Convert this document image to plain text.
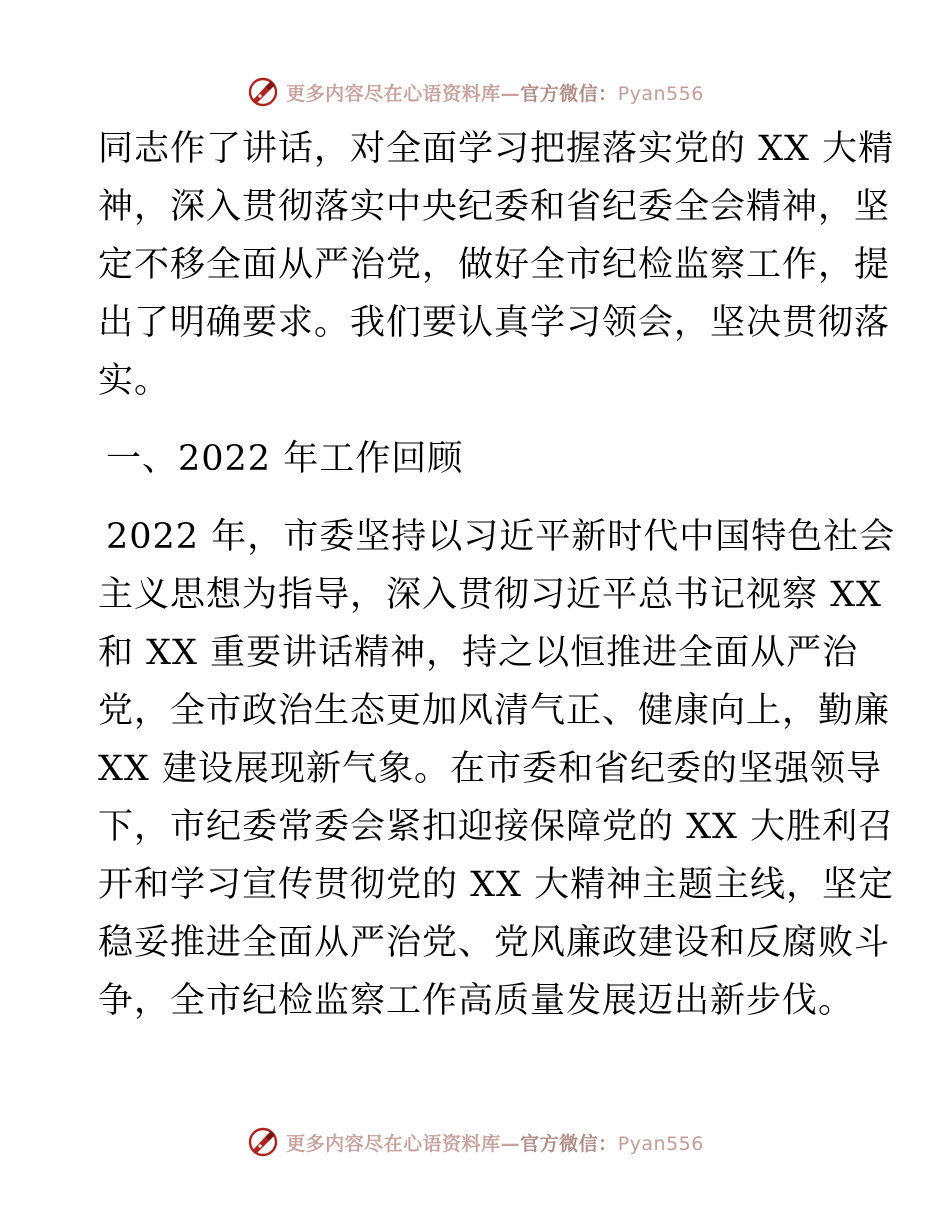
更多内容尽在心语资料库—官方微信：Pyan556
同志作了讲话，对全面学习把握落实党的 XX 大精
神，深入贯彻落实中央纪委和省纪委全会精神，坚
定不移全面从严治党，做好全市纪检监察工作，提
出了明确要求。我们要认真学习领会，坚决贯彻落
实。
一、2022 年工作回顾
2022 年，市委坚持以习近平新时代中国特色社会
主义思想为指导，深入贯彻习近平总书记视察 XX
和 XX 重要讲话精神，持之以恒推进全面从严治
党，全市政治生态更加风清气正、健康向上，勤廉
XX 建设展现新气象。在市委和省纪委的坚强领导
下，市纪委常委会紧扣迎接保障党的 XX 大胜利召
开和学习宣传贯彻党的 XX 大精神主题主线，坚定
稳妥推进全面从严治党、党风廉政建设和反腐败斗
争，全市纪检监察工作高质量发展迈出新步伐。
更多内容尽在心语资料库—官方微信：Pyan556
